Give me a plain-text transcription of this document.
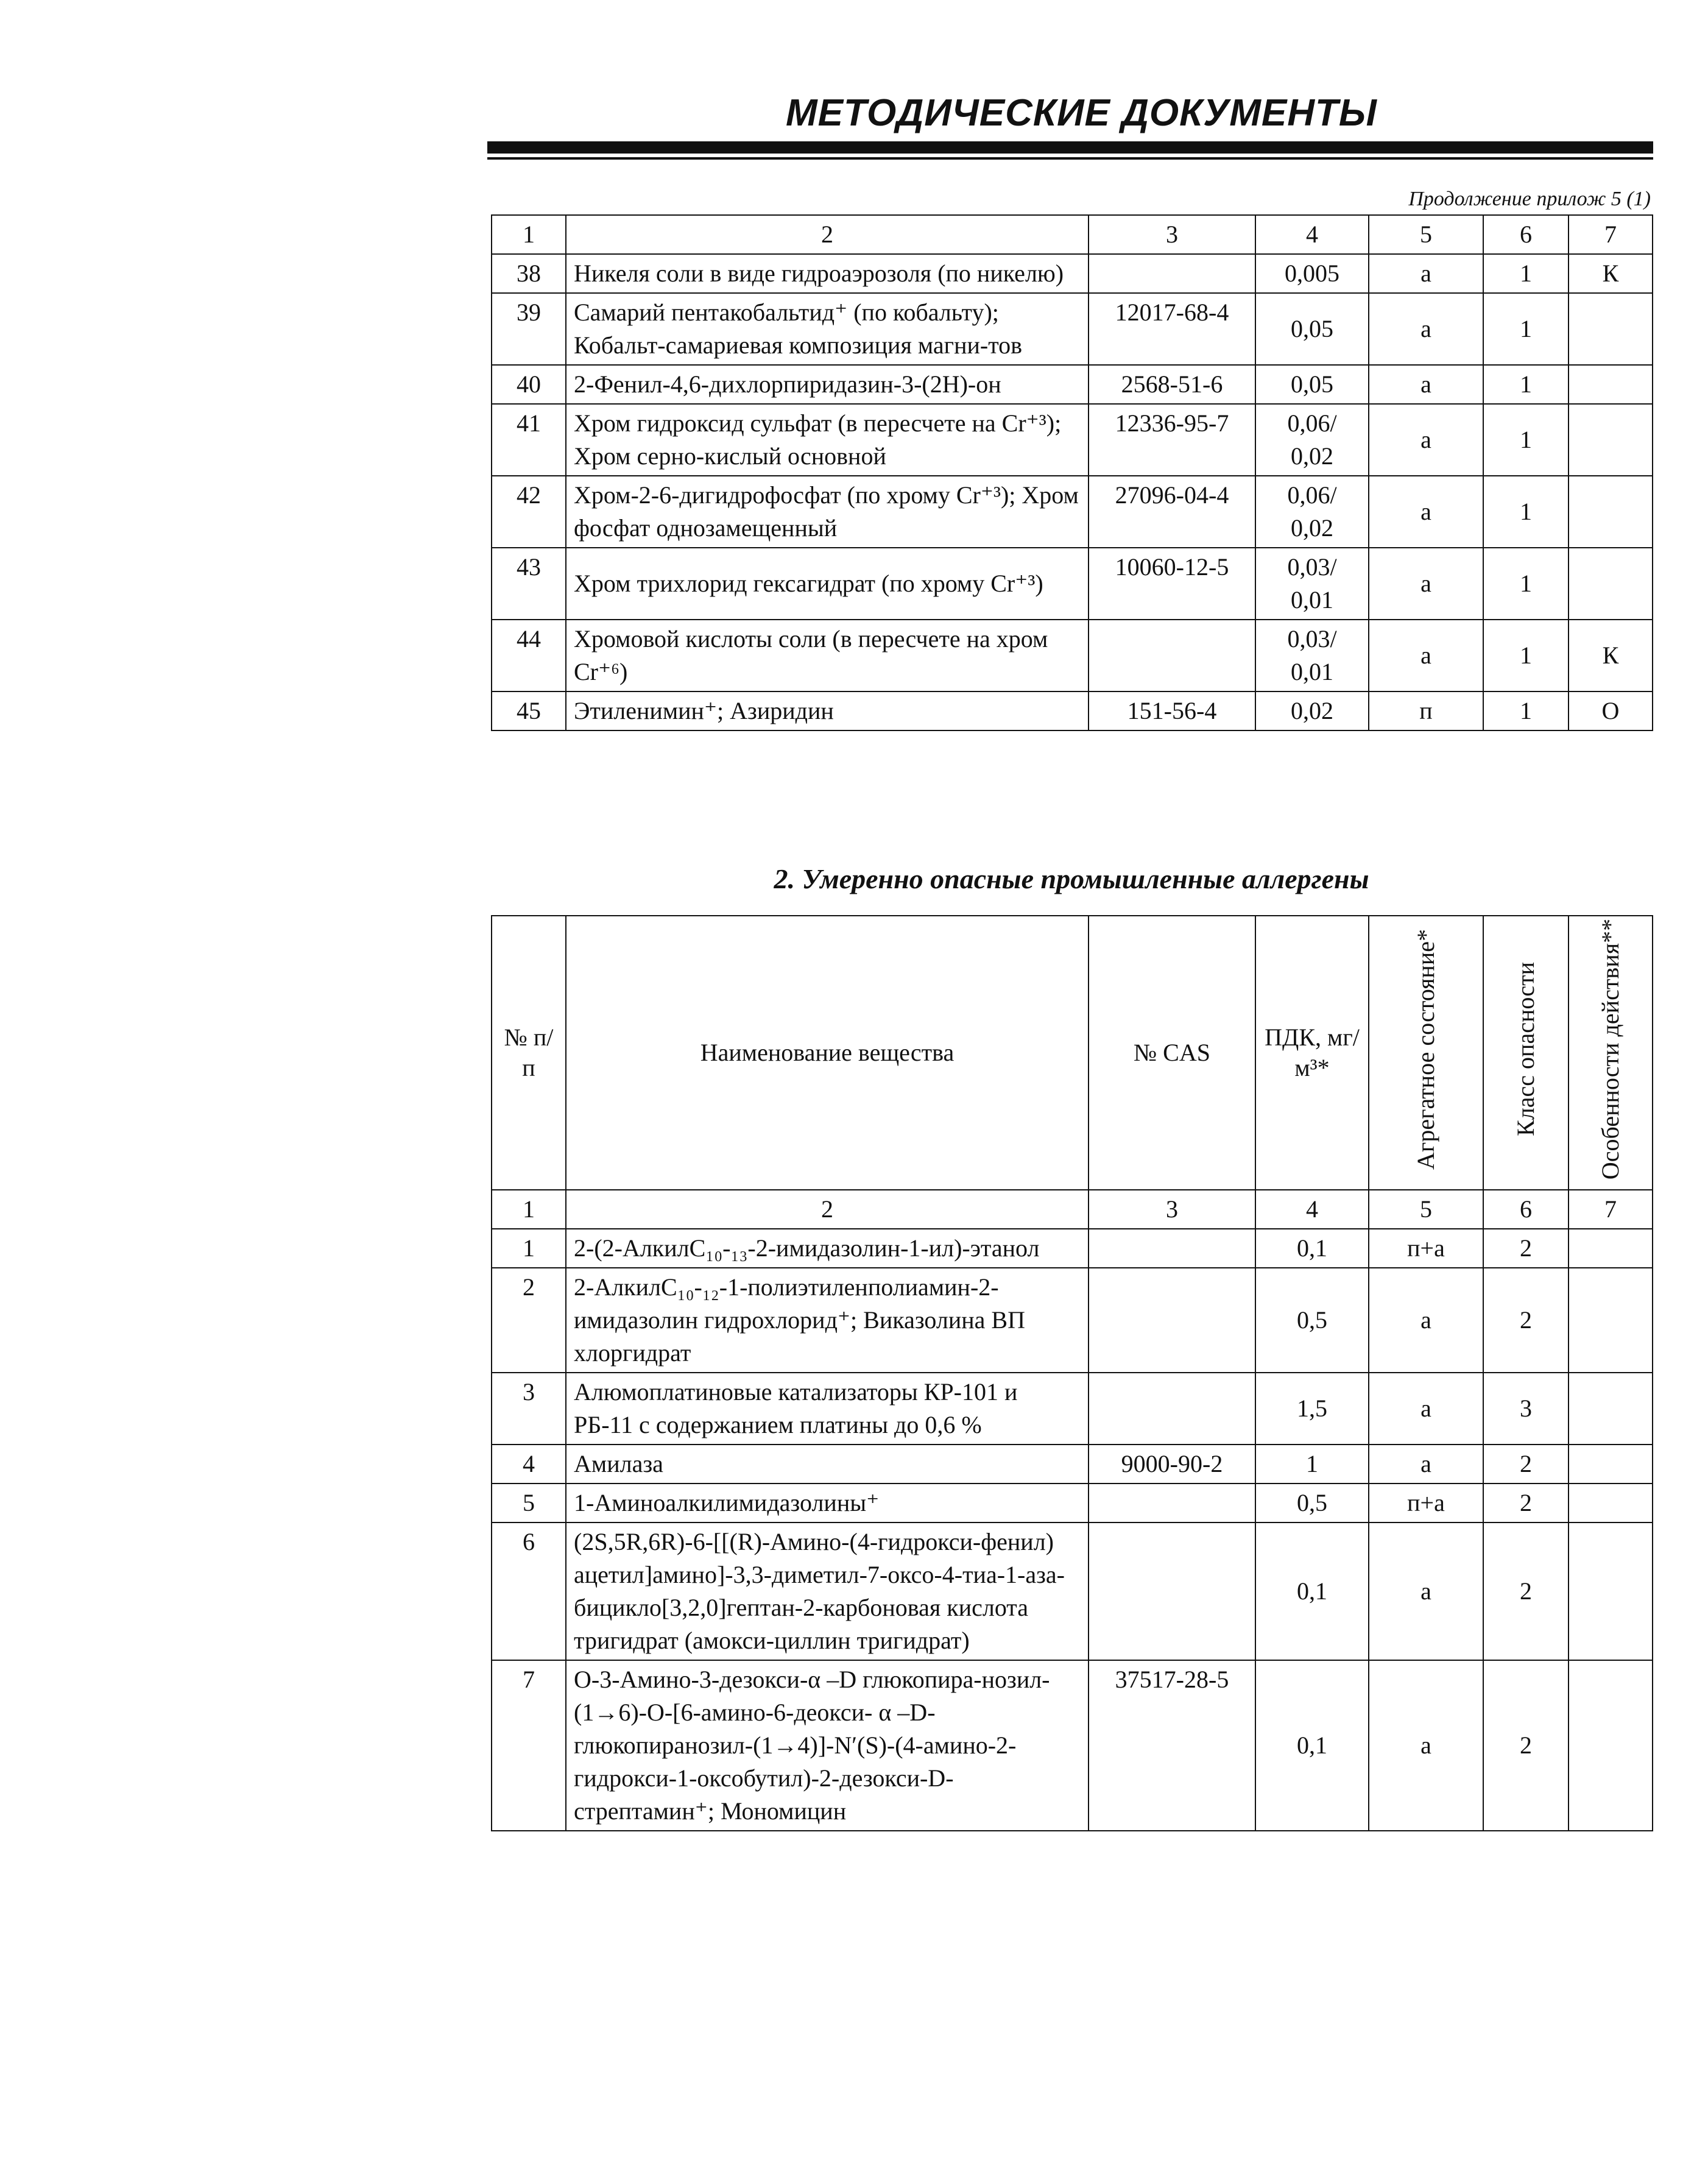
МЕТОДИЧЕСКИЕ ДОКУМЕНТЫ
Продолжение прилож 5 (1)
1	2	3	4	5	6	7
38	Никеля соли в виде гидроаэрозоля (по никелю)		0,005	а	1	К
39	Самарий пентакобальтид⁺ (по кобальту); Кобальт-самариевая композиция магни-тов	12017-68-4	0,05	а	1	
40	2-Фенил-4,6-дихлорпиридазин-3-(2Н)-он	2568-51-6	0,05	а	1	
41	Хром гидроксид сульфат (в пересчете на Cr⁺³); Хром серно-кислый основной	12336-95-7	0,06/ 0,02	а	1	
42	Хром-2-6-дигидрофосфат (по хрому Cr⁺³); Хром фосфат однозамещенный	27096-04-4	0,06/ 0,02	а	1	
43	Хром трихлорид гексагидрат (по хрому Cr⁺³)	10060-12-5	0,03/ 0,01	а	1	
44	Хромовой кислоты соли (в пересчете на хром Cr⁺⁶)		0,03/ 0,01	а	1	К
45	Этиленимин⁺; Азиридин	151-56-4	0,02	п	1	О
2. Умеренно опасные промышленные аллергены
№ п/п	Наименование вещества	№ CAS	ПДК, мг/м³*	Агрегатное состояние*	Класс опасности	Особенности действия**
1	2	3	4	5	6	7
1	2-(2-АлкилC₁₀-₁₃-2-имидазолин-1-ил)-этанол		0,1	п+а	2	
2	2-АлкилC₁₀-₁₂-1-полиэтиленполиамин-2-имидазолин гидрохлорид⁺; Виказолина ВП хлоргидрат		0,5	а	2	
3	Алюмоплатиновые катализаторы КР-101 и РБ-11 с содержанием платины до 0,6 %		1,5	а	3	
4	Амилаза	9000-90-2	1	а	2	
5	1-Аминоалкилимидазолины⁺		0,5	п+а	2	
6	(2S,5R,6R)-6-[[(R)-Амино-(4-гидрокси-фенил) ацетил]амино]-3,3-диметил-7-оксо-4-тиа-1-аза-бицикло[3,2,0]гептан-2-карбоновая кислота тригидрат (амокси-циллин тригидрат)		0,1	а	2	
7	О-3-Амино-3-дезокси-α –D глюкопира-нозил-(1→6)-О-[6-амино-6-деокси- α –D-глюкопиранозил-(1→4)]-N′(S)-(4-амино-2-гидрокси-1-оксобутил)-2-дезокси-D-стрептамин⁺; Мономицин	37517-28-5	0,1	а	2	
